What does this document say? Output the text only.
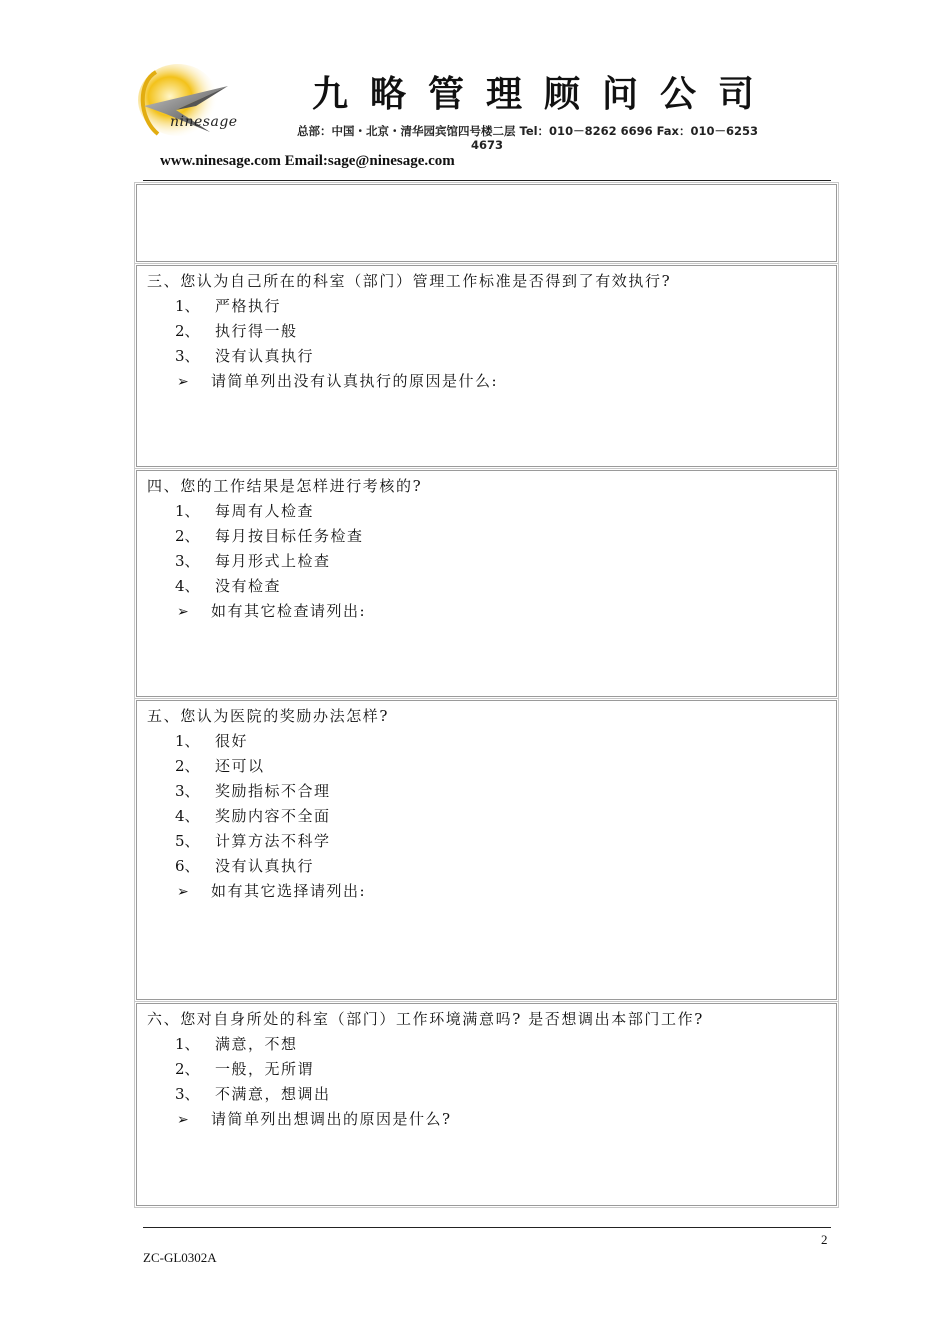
ninesage
九略管理顾问公司
总部：中国・北京・清华园宾馆四号楼二层 Tel：010－8262 6696 Fax：010－6253
4673
www.ninesage.com Email:sage@ninesage.com
三、您认为自己所在的科室（部门）管理工作标准是否得到了有效执行?
1、 严格执行
2、 执行得一般
3、 没有认真执行
➢ 请简单列出没有认真执行的原因是什么:
四、您的工作结果是怎样进行考核的?
1、 每周有人检查
2、 每月按目标任务检查
3、 每月形式上检查
4、 没有检查
➢ 如有其它检查请列出:
五、您认为医院的奖励办法怎样?
1、 很好
2、 还可以
3、 奖励指标不合理
4、 奖励内容不全面
5、 计算方法不科学
6、 没有认真执行
➢ 如有其它选择请列出:
六、您对自身所处的科室（部门）工作环境满意吗? 是否想调出本部门工作?
1、 满意，不想
2、 一般，无所谓
3、 不满意，想调出
➢ 请简单列出想调出的原因是什么?
2
ZC-GL0302A
